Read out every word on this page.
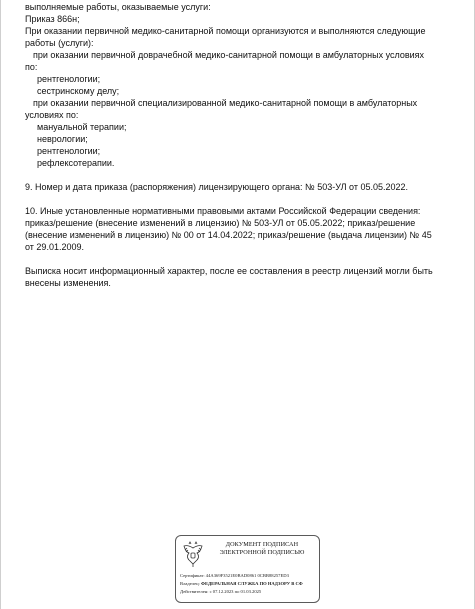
выполняемые работы, оказываемые услуги:

Приказ 866н;

При оказании первичной медико-санитарной помощи организуются и выполняются следующие

работы (услуги):

при оказании первичной доврачебной медико-санитарной помощи в амбулаторных условиях

по:

рентгенологии;

сестринскому делу;

при оказании первичной специализированной медико-санитарной помощи в амбулаторных

условиях по:

мануальной терапии;

неврологии;

рентгенологии;

рефлексотерапии.

9. Номер и дата приказа (распоряжения) лицензирующего органа: № 503-УЛ от 05.05.2022.

10. Иные установленные нормативными правовыми актами Российской Федерации сведения:

приказ/решение (внесение изменений в лицензию) № 503-УЛ от 05.05.2022; приказ/решение

(внесение изменений в лицензию) № 00 от 14.04.2022; приказ/решение (выдача лицензии) № 45

от 29.01.2009.

Выписка носит информационный характер, после ее составления в реестр лицензий могли быть

внесены изменения.

ДОКУМЕНТ ПОДПИСАН
ЭЛЕКТРОННОЙ ПОДПИСЬЮ
Сертификат: 44A369F3521E0BAD0861 0CBB88257ED3
Владелец: ФЕДЕРАЛЬНАЯ СЛУЖБА ПО НАДЗОРУ В СФ
Действителен: с 07.12.2023 по 01.03.2025
